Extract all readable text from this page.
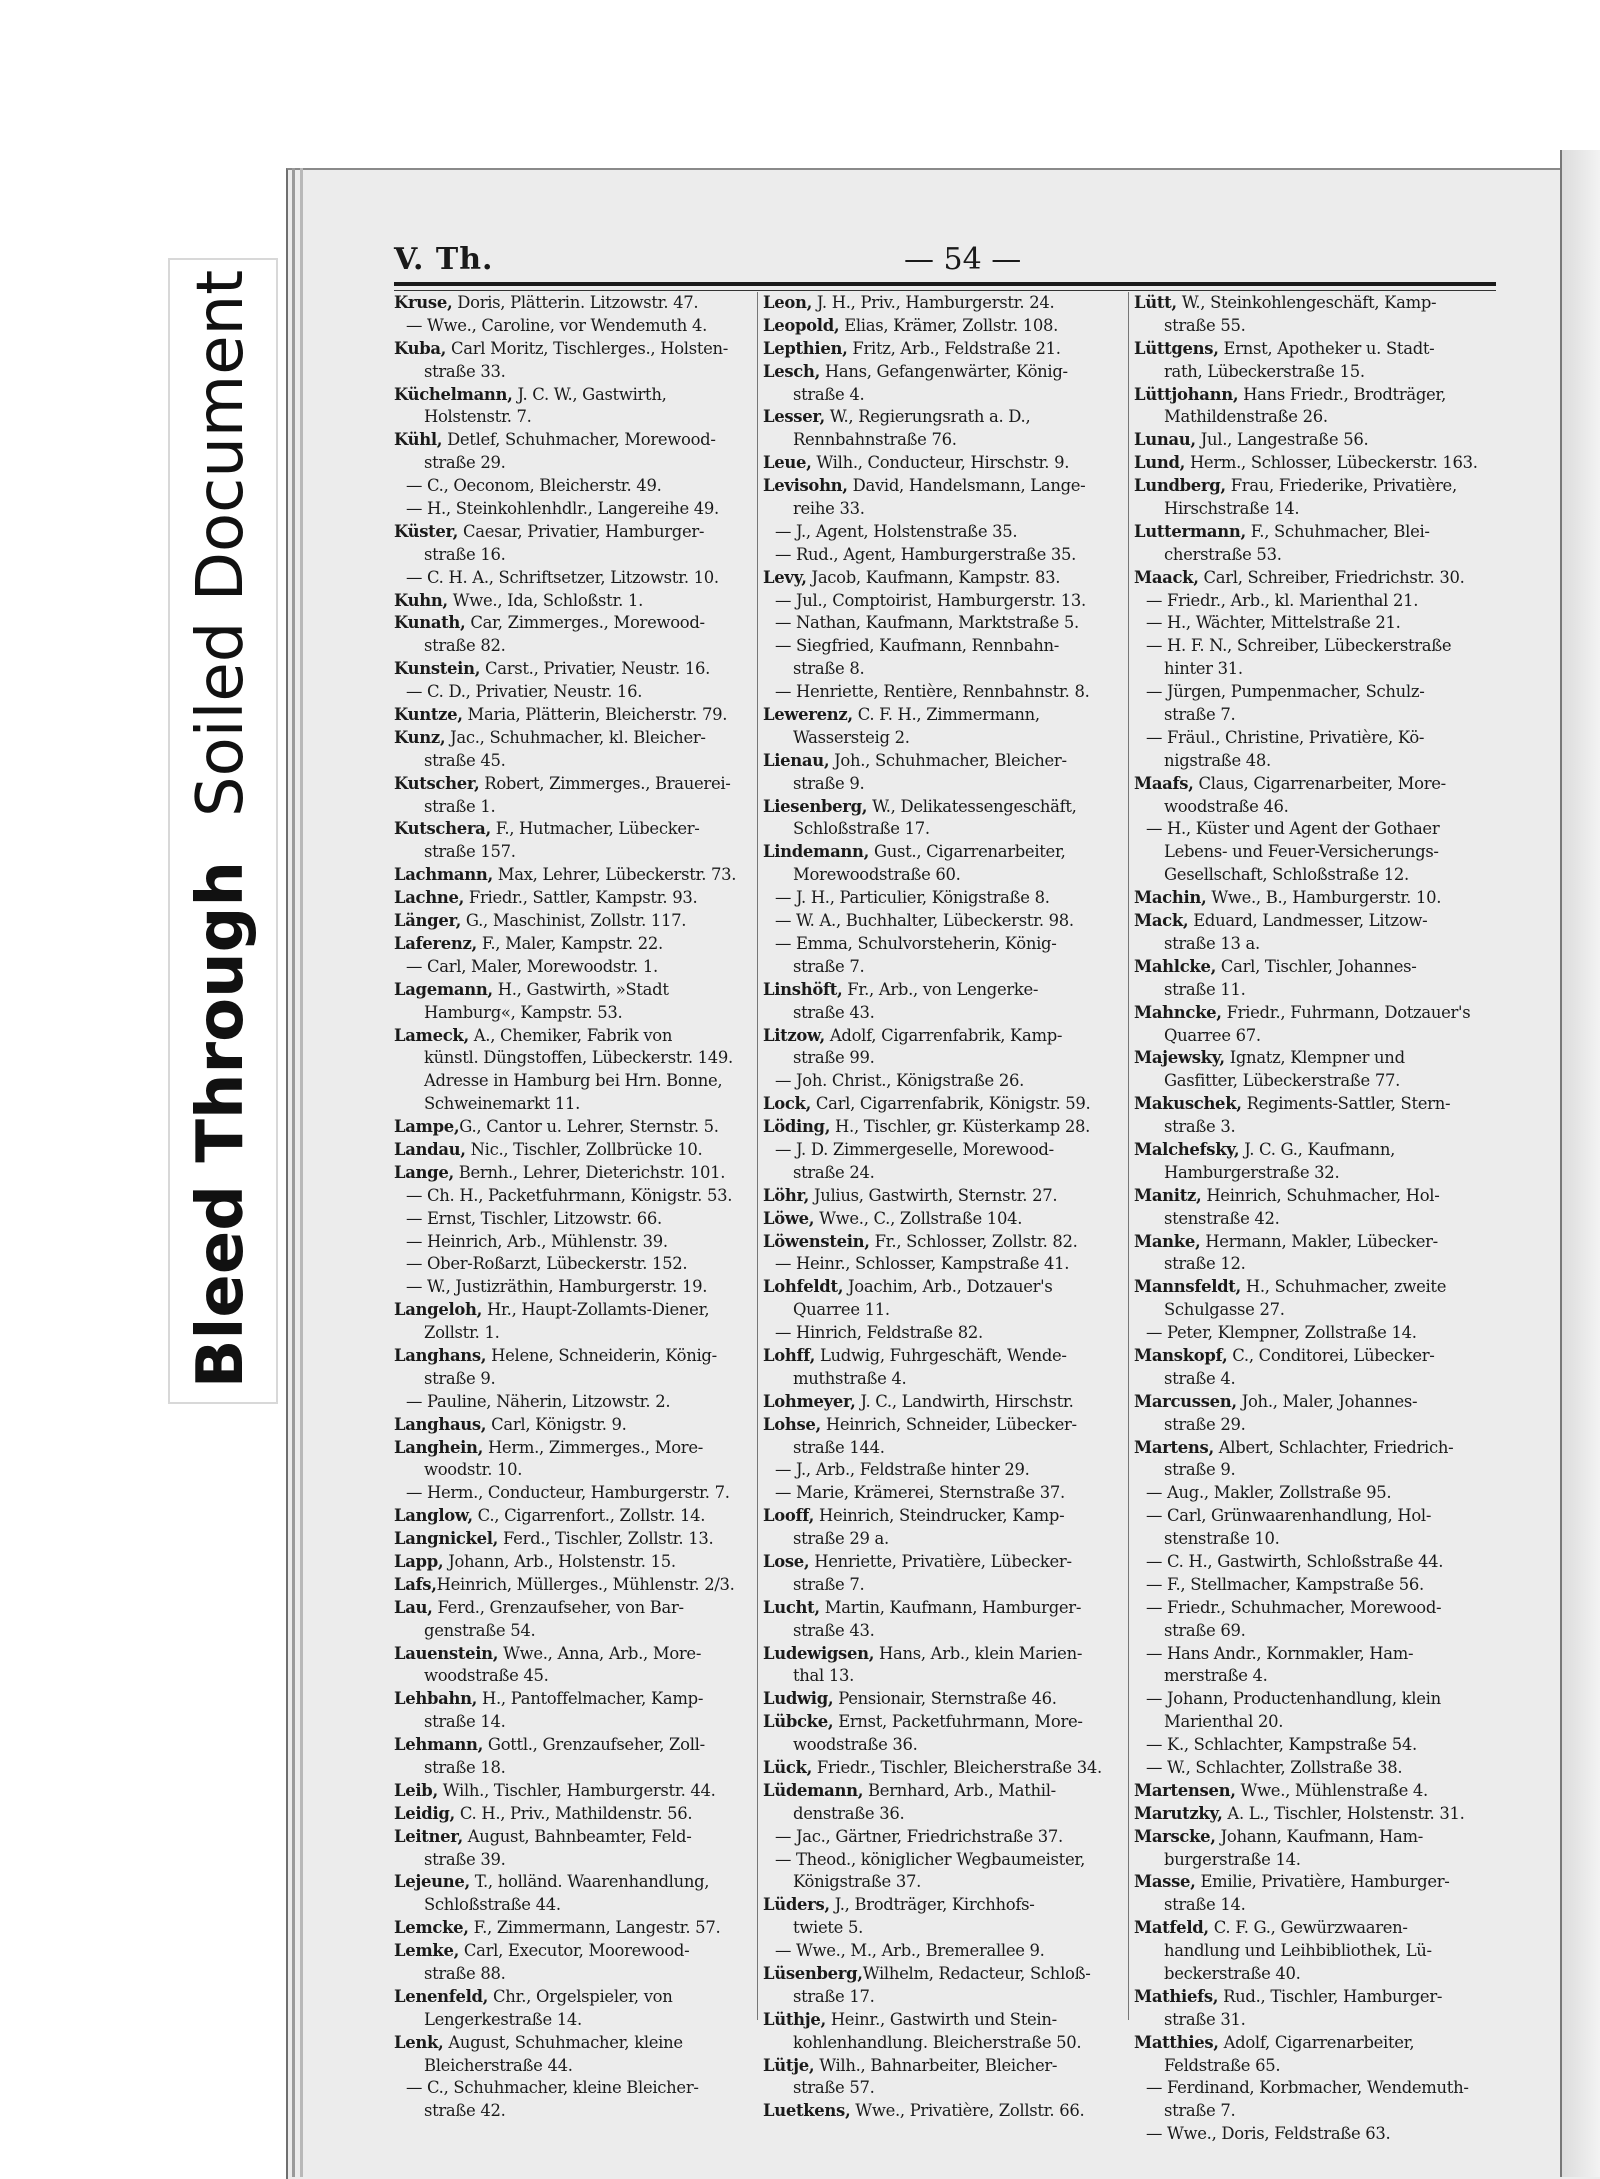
Bleed Through
Soiled Document
V. Th.	— 54 —
Kruse, Doris, Plätterin. Litzowstr. 47.
— Wwe., Caroline, vor Wendemuth 4.
Kuba, Carl Moritz, Tischlerges., Holsten-
straße 33.
Küchelmann, J. C. W., Gastwirth,
Holstenstr. 7.
Kühl, Detlef, Schuhmacher, Morewood-
straße 29.
— C., Oeconom, Bleicherstr. 49.
— H., Steinkohlenhdlr., Langereihe 49.
Küster, Caesar, Privatier, Hamburger-
straße 16.
— C. H. A., Schriftsetzer, Litzowstr. 10.
Kuhn, Wwe., Ida, Schloßstr. 1.
Kunath, Car, Zimmerges., Morewood-
straße 82.
Kunstein, Carst., Privatier, Neustr. 16.
— C. D., Privatier, Neustr. 16.
Kuntze, Maria, Plätterin, Bleicherstr. 79.
Kunz, Jac., Schuhmacher, kl. Bleicher-
straße 45.
Kutscher, Robert, Zimmerges., Brauerei-
straße 1.
Kutschera, F., Hutmacher, Lübecker-
straße 157.
Lachmann, Max, Lehrer, Lübeckerstr. 73.
Lachne, Friedr., Sattler, Kampstr. 93.
Länger, G., Maschinist, Zollstr. 117.
Laferenz, F., Maler, Kampstr. 22.
— Carl, Maler, Morewoodstr. 1.
Lagemann, H., Gastwirth, »Stadt
Hamburg«, Kampstr. 53.
Lameck, A., Chemiker, Fabrik von
künstl. Düngstoffen, Lübeckerstr. 149.
Adresse in Hamburg bei Hrn. Bonne,
Schweinemarkt 11.
Lampe,G., Cantor u. Lehrer, Sternstr. 5.
Landau, Nic., Tischler, Zollbrücke 10.
Lange, Bernh., Lehrer, Dieterichstr. 101.
— Ch. H., Packetfuhrmann, Königstr. 53.
— Ernst, Tischler, Litzowstr. 66.
— Heinrich, Arb., Mühlenstr. 39.
— Ober-Roßarzt, Lübeckerstr. 152.
— W., Justizräthin, Hamburgerstr. 19.
Langeloh, Hr., Haupt-Zollamts-Diener,
Zollstr. 1.
Langhans, Helene, Schneiderin, König-
straße 9.
— Pauline, Näherin, Litzowstr. 2.
Langhaus, Carl, Königstr. 9.
Langhein, Herm., Zimmerges., More-
woodstr. 10.
— Herm., Conducteur, Hamburgerstr. 7.
Langlow, C., Cigarrenfort., Zollstr. 14.
Langnickel, Ferd., Tischler, Zollstr. 13.
Lapp, Johann, Arb., Holstenstr. 15.
Lafs,Heinrich, Müllerges., Mühlenstr. 2/3.
Lau, Ferd., Grenzaufseher, von Bar-
genstraße 54.
Lauenstein, Wwe., Anna, Arb., More-
woodstraße 45.
Lehbahn, H., Pantoffelmacher, Kamp-
straße 14.
Lehmann, Gottl., Grenzaufseher, Zoll-
straße 18.
Leib, Wilh., Tischler, Hamburgerstr. 44.
Leidig, C. H., Priv., Mathildenstr. 56.
Leitner, August, Bahnbeamter, Feld-
straße 39.
Lejeune, T., holländ. Waarenhandlung,
Schloßstraße 44.
Lemcke, F., Zimmermann, Langestr. 57.
Lemke, Carl, Executor, Moorewood-
straße 88.
Lenenfeld, Chr., Orgelspieler, von
Lengerkestraße 14.
Lenk, August, Schuhmacher, kleine
Bleicherstraße 44.
— C., Schuhmacher, kleine Bleicher-
straße 42.
Leon, J. H., Priv., Hamburgerstr. 24.
Leopold, Elias, Krämer, Zollstr. 108.
Lepthien, Fritz, Arb., Feldstraße 21.
Lesch, Hans, Gefangenwärter, König-
straße 4.
Lesser, W., Regierungsrath a. D.,
Rennbahnstraße 76.
Leue, Wilh., Conducteur, Hirschstr. 9.
Levisohn, David, Handelsmann, Lange-
reihe 33.
— J., Agent, Holstenstraße 35.
— Rud., Agent, Hamburgerstraße 35.
Levy, Jacob, Kaufmann, Kampstr. 83.
— Jul., Comptoirist, Hamburgerstr. 13.
— Nathan, Kaufmann, Marktstraße 5.
— Siegfried, Kaufmann, Rennbahn-
straße 8.
— Henriette, Rentière, Rennbahnstr. 8.
Lewerenz, C. F. H., Zimmermann,
Wassersteig 2.
Lienau, Joh., Schuhmacher, Bleicher-
straße 9.
Liesenberg, W., Delikatessengeschäft,
Schloßstraße 17.
Lindemann, Gust., Cigarrenarbeiter,
Morewoodstraße 60.
— J. H., Particulier, Königstraße 8.
— W. A., Buchhalter, Lübeckerstr. 98.
— Emma, Schulvorsteherin, König-
straße 7.
Linshöft, Fr., Arb., von Lengerke-
straße 43.
Litzow, Adolf, Cigarrenfabrik, Kamp-
straße 99.
— Joh. Christ., Königstraße 26.
Lock, Carl, Cigarrenfabrik, Königstr. 59.
Löding, H., Tischler, gr. Küsterkamp 28.
— J. D. Zimmergeselle, Morewood-
straße 24.
Löhr, Julius, Gastwirth, Sternstr. 27.
Löwe, Wwe., C., Zollstraße 104.
Löwenstein, Fr., Schlosser, Zollstr. 82.
— Heinr., Schlosser, Kampstraße 41.
Lohfeldt, Joachim, Arb., Dotzauer's
Quarree 11.
— Hinrich, Feldstraße 82.
Lohff, Ludwig, Fuhrgeschäft, Wende-
muthstraße 4.
Lohmeyer, J. C., Landwirth, Hirschstr.
Lohse, Heinrich, Schneider, Lübecker-
straße 144.
— J., Arb., Feldstraße hinter 29.
— Marie, Krämerei, Sternstraße 37.
Looff, Heinrich, Steindrucker, Kamp-
straße 29 a.
Lose, Henriette, Privatière, Lübecker-
straße 7.
Lucht, Martin, Kaufmann, Hamburger-
straße 43.
Ludewigsen, Hans, Arb., klein Marien-
thal 13.
Ludwig, Pensionair, Sternstraße 46.
Lübcke, Ernst, Packetfuhrmann, More-
woodstraße 36.
Lück, Friedr., Tischler, Bleicherstraße 34.
Lüdemann, Bernhard, Arb., Mathil-
denstraße 36.
— Jac., Gärtner, Friedrichstraße 37.
— Theod., königlicher Wegbaumeister,
Königstraße 37.
Lüders, J., Brodträger, Kirchhofs-
twiete 5.
— Wwe., M., Arb., Bremerallee 9.
Lüsenberg,Wilhelm, Redacteur, Schloß-
straße 17.
Lüthje, Heinr., Gastwirth und Stein-
kohlenhandlung. Bleicherstraße 50.
Lütje, Wilh., Bahnarbeiter, Bleicher-
straße 57.
Luetkens, Wwe., Privatière, Zollstr. 66.
Lütt, W., Steinkohlengeschäft, Kamp-
straße 55.
Lüttgens, Ernst, Apotheker u. Stadt-
rath, Lübeckerstraße 15.
Lüttjohann, Hans Friedr., Brodträger,
Mathildenstraße 26.
Lunau, Jul., Langestraße 56.
Lund, Herm., Schlosser, Lübeckerstr. 163.
Lundberg, Frau, Friederike, Privatière,
Hirschstraße 14.
Luttermann, F., Schuhmacher, Blei-
cherstraße 53.
Maack, Carl, Schreiber, Friedrichstr. 30.
— Friedr., Arb., kl. Marienthal 21.
— H., Wächter, Mittelstraße 21.
— H. F. N., Schreiber, Lübeckerstraße
hinter 31.
— Jürgen, Pumpenmacher, Schulz-
straße 7.
— Fräul., Christine, Privatière, Kö-
nigstraße 48.
Maafs, Claus, Cigarrenarbeiter, More-
woodstraße 46.
— H., Küster und Agent der Gothaer
Lebens- und Feuer-Versicherungs-
Gesellschaft, Schloßstraße 12.
Machin, Wwe., B., Hamburgerstr. 10.
Mack, Eduard, Landmesser, Litzow-
straße 13 a.
Mahlcke, Carl, Tischler, Johannes-
straße 11.
Mahncke, Friedr., Fuhrmann, Dotzauer's
Quarree 67.
Majewsky, Ignatz, Klempner und
Gasfitter, Lübeckerstraße 77.
Makuschek, Regiments-Sattler, Stern-
straße 3.
Malchefsky, J. C. G., Kaufmann,
Hamburgerstraße 32.
Manitz, Heinrich, Schuhmacher, Hol-
stenstraße 42.
Manke, Hermann, Makler, Lübecker-
straße 12.
Mannsfeldt, H., Schuhmacher, zweite
Schulgasse 27.
— Peter, Klempner, Zollstraße 14.
Manskopf, C., Conditorei, Lübecker-
straße 4.
Marcussen, Joh., Maler, Johannes-
straße 29.
Martens, Albert, Schlachter, Friedrich-
straße 9.
— Aug., Makler, Zollstraße 95.
— Carl, Grünwaarenhandlung, Hol-
stenstraße 10.
— C. H., Gastwirth, Schloßstraße 44.
— F., Stellmacher, Kampstraße 56.
— Friedr., Schuhmacher, Morewood-
straße 69.
— Hans Andr., Kornmakler, Ham-
merstraße 4.
— Johann, Productenhandlung, klein
Marienthal 20.
— K., Schlachter, Kampstraße 54.
— W., Schlachter, Zollstraße 38.
Martensen, Wwe., Mühlenstraße 4.
Marutzky, A. L., Tischler, Holstenstr. 31.
Marscke, Johann, Kaufmann, Ham-
burgerstraße 14.
Masse, Emilie, Privatière, Hamburger-
straße 14.
Matfeld, C. F. G., Gewürzwaaren-
handlung und Leihbibliothek, Lü-
beckerstraße 40.
Mathiefs, Rud., Tischler, Hamburger-
straße 31.
Matthies, Adolf, Cigarrenarbeiter,
Feldstraße 65.
— Ferdinand, Korbmacher, Wendemuth-
straße 7.
— Wwe., Doris, Feldstraße 63.
